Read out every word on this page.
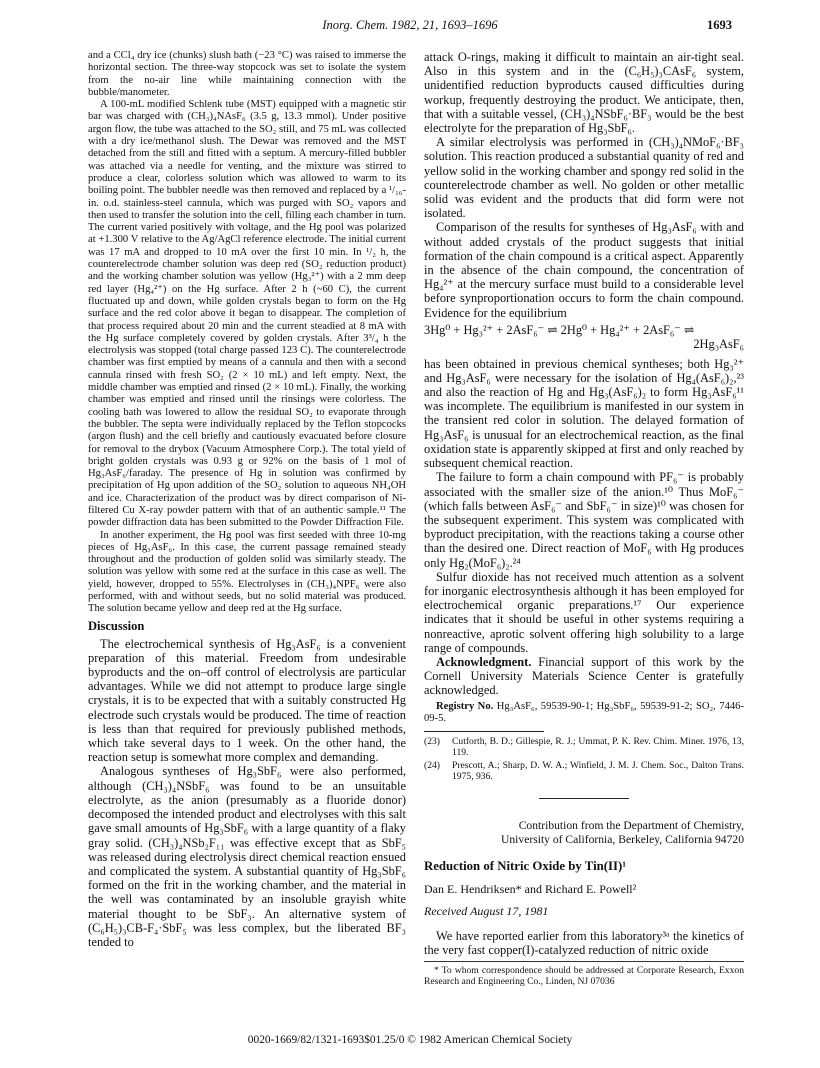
Inorg. Chem. 1982, 21, 1693–1696	1693

and a CCl₄ dry ice (chunks) slush bath (−23 °C) was raised to immerse the horizontal section. The three-way stopcock was set to isolate the system from the no-air line while maintaining connection with the bubble/manometer.

A 100-mL modified Schlenk tube (MST) equipped with a magnetic stir bar was charged with (CH₃)₄NAsF₆ (3.5 g, 13.3 mmol). Under positive argon flow, the tube was attached to the SO₂ still, and 75 mL was collected with a dry ice/methanol slush. The Dewar was removed and the MST detached from the still and fitted with a septum. A mercury-filled bubbler was attached via a needle for venting, and the mixture was stirred to produce a clear, colorless solution which was allowed to warm to its boiling point. The bubbler needle was then removed and replaced by a ¹/₁₆-in. o.d. stainless-steel cannula, which was purged with SO₂ vapors and then used to transfer the solution into the cell, filling each chamber in turn. The current varied positively with voltage, and the Hg pool was polarized at +1.300 V relative to the Ag/AgCl reference electrode. The initial current was 17 mA and dropped to 10 mA over the first 10 min. In ¹/₂ h, the counterelectrode chamber solution was deep red (SO₂ reduction product) and the working chamber solution was yellow (Hg₃²⁺) with a 2 mm deep red layer (Hg₄²⁺) on the Hg surface. After 2 h (~60 C), the current fluctuated up and down, while golden crystals began to form on the Hg surface and the red color above it began to disappear. The completion of that process required about 20 min and the current steadied at 8 mA with the Hg surface completely covered by golden crystals. After 3³/₄ h the electrolysis was stopped (total charge passed 123 C). The counterelectrode chamber was first emptied by means of a cannula and then with a second cannula rinsed with fresh SO₂ (2 × 10 mL) and left empty. Next, the middle chamber was emptied and rinsed (2 × 10 mL). Finally, the working chamber was emptied and rinsed until the rinsings were colorless. The cooling bath was lowered to allow the residual SO₂ to evaporate through the bubbler. The septa were individually replaced by the Teflon stopcocks (argon flush) and the cell briefly and cautiously evacuated before closure for removal to the drybox (Vacuum Atmosphere Corp.). The total yield of bright golden crystals was 0.93 g or 92% on the basis of 1 mol of Hg₃AsF₆/faraday. The presence of Hg in solution was confirmed by precipitation of Hg upon addition of the SO₂ solution to aqueous NH₄OH and ice. Characterization of the product was by direct comparison of Ni-filtered Cu X-ray powder pattern with that of an authentic sample.¹¹ The powder diffraction data has been submitted to the Powder Diffraction File.

In another experiment, the Hg pool was first seeded with three 10-mg pieces of Hg₃AsF₆. In this case, the current passage remained steady throughout and the production of golden solid was similarly steady. The solution was yellow with some red at the surface in this case as well. The yield, however, dropped to 55%. Electrolyses in (CH₃)₄NPF₆ were also performed, with and without seeds, but no solid material was produced. The solution became yellow and deep red at the Hg surface.

Discussion

The electrochemical synthesis of Hg₃AsF₆ is a convenient preparation of this material. Freedom from undesirable byproducts and the on–off control of electrolysis are particular advantages. While we did not attempt to produce large single crystals, it is to be expected that with a suitably constructed Hg electrode such crystals would be produced. The time of reaction is less than that required for previously published methods, which take several days to 1 week. On the other hand, the reaction setup is somewhat more complex and demanding.

Analogous syntheses of Hg₃SbF₆ were also performed, although (CH₃)₄NSbF₆ was found to be an unsuitable electrolyte, as the anion (presumably as a fluoride donor) decomposed the intended product and electrolyses with this salt gave small amounts of Hg₃SbF₆ with a large quantity of a flaky gray solid. (CH₃)₄NSb₂F₁₁ was effective except that as SbF₅ was released during electrolysis direct chemical reaction ensued and complicated the system. A substantial quantity of Hg₃SbF₆ formed on the frit in the working chamber, and the material in the well was contaminated by an insoluble grayish white material thought to be SbF₃. An alternative system of (C₆H₅)₃CB-F₄·SbF₅ was less complex, but the liberated BF₃ tended to

attack O-rings, making it difficult to maintain an air-tight seal. Also in this system and in the (C₆H₅)₃CAsF₆ system, unidentified reduction byproducts caused difficulties during workup, frequently destroying the product. We anticipate, then, that with a suitable vessel, (CH₃)₄NSbF₆·BF₃ would be the best electrolyte for the preparation of Hg₃SbF₆.

A similar electrolysis was performed in (CH₃)₄NMoF₆·BF₃ solution. This reaction produced a substantial quanity of red and yellow solid in the working chamber and spongy red solid in the counterelectrode chamber as well. No golden or other metallic solid was evident and the products that did form were not isolated.

Comparison of the results for syntheses of Hg₃AsF₆ with and without added crystals of the product suggests that initial formation of the chain compound is a critical aspect. Apparently in the absence of the chain compound, the concentration of Hg₄²⁺ at the mercury surface must build to a considerable level before synproportionation occurs to form the chain compound. Evidence for the equilibrium

3Hg⁰ + Hg₃²⁺ + 2AsF₆⁻ ⇌ 2Hg⁰ + Hg₄²⁺ + 2AsF₆⁻ ⇌
2Hg₃AsF₆

has been obtained in previous chemical syntheses; both Hg₃²⁺ and Hg₃AsF₆ were necessary for the isolation of Hg₄(AsF₆)₂,²³ and also the reaction of Hg and Hg₃(AsF₆)₂ to form Hg₃AsF₆¹¹ was incomplete. The equilibrium is manifested in our system in the transient red color in solution. The delayed formation of Hg₃AsF₆ is unusual for an electrochemical reaction, as the final oxidation state is apparently skipped at first and only reached by subsequent chemical reaction.

The failure to form a chain compound with PF₆⁻ is probably associated with the smaller size of the anion.¹⁰ Thus MoF₆⁻ (which falls between AsF₆⁻ and SbF₆⁻ in size)¹⁰ was chosen for the subsequent experiment. This system was complicated with byproduct precipitation, with the reactions taking a course other than the desired one. Direct reaction of MoF₆ with Hg produces only Hg₂(MoF₆)₂.²⁴

Sulfur dioxide has not received much attention as a solvent for inorganic electrosynthesis although it has been employed for electrochemical organic preparations.¹⁷ Our experience indicates that it should be useful in other systems requiring a nonreactive, aprotic solvent offering high solubility to a large range of compounds.

Acknowledgment. Financial support of this work by the Cornell University Materials Science Center is gratefully acknowledged.

Registry No. Hg₃AsF₆, 59539-90-1; Hg₃SbF₆, 59539-91-2; SO₂, 7446-09-5.

(23)	Cutforth, B. D.; Gillespie, R. J.; Ummat, P. K. Rev. Chim. Miner. 1976, 13, 119.
(24)	Prescott, A.; Sharp, D. W. A.; Winfield, J. M. J. Chem. Soc., Dalton Trans. 1975, 936.
Contribution from the Department of Chemistry,
University of California, Berkeley, California 94720
Reduction of Nitric Oxide by Tin(II)¹
Dan E. Hendriksen* and Richard E. Powell²
Received August 17, 1981

We have reported earlier from this laboratory³ᵃ the kinetics of the very fast copper(I)-catalyzed reduction of nitric oxide

* To whom correspondence should be addressed at Corporate Research, Exxon Research and Engineering Co., Linden, NJ 07036
0020-1669/82/1321-1693$01.25/0 © 1982 American Chemical Society
